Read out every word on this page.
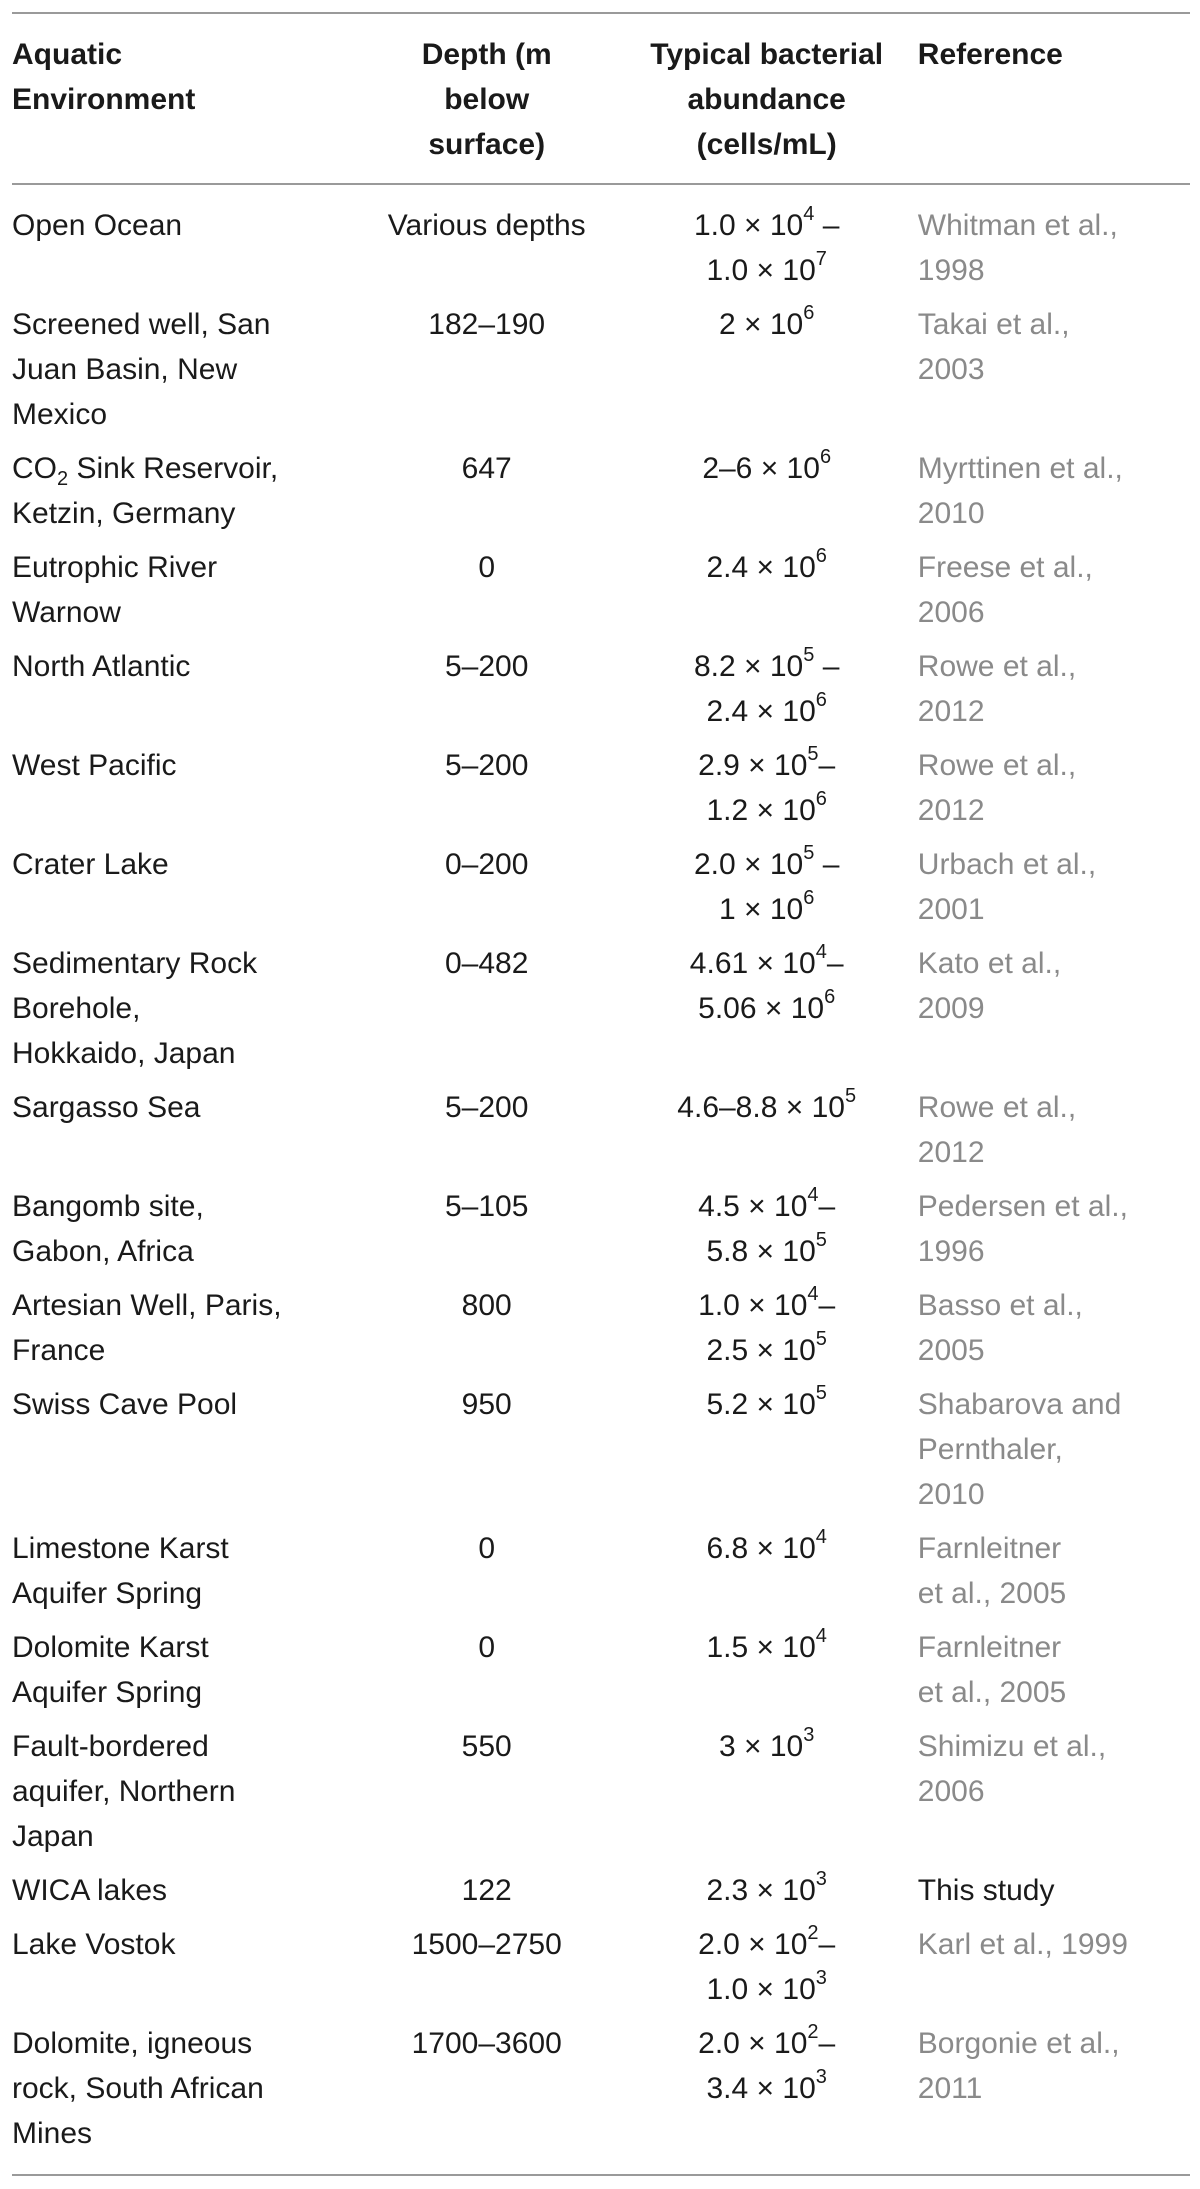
Aquatic
Environment	Depth (m
below
surface)	Typical bacterial
abundance
(cells/mL)	Reference

Open Ocean	Various depths	$1.0 \times 10^4$ –
$1.0 \times 10^7$	Whitman et al.,
1998

Screened well, San
Juan Basin, New
Mexico	182–190	$2 \times 10^6$	Takai et al.,
2003

$CO_2$ Sink Reservoir,
Ketzin, Germany	647	$2-6 \times 10^6$	Myrttinen et al.,
2010

Eutrophic River
Warnow	0	$2.4 \times 10^6$	Freese et al.,
2006

North Atlantic	5–200	$8.2 \times 10^5$ –
$2.4 \times 10^6$	Rowe et al.,
2012

West Pacific	5–200	$2.9 \times 10^5-$
$1.2 \times 10^6$	Rowe et al.,
2012

Crater Lake	0–200	$2.0 \times 10^5$ –
$1 \times 10^6$	Urbach et al.,
2001

Sedimentary Rock
Borehole,
Hokkaido, Japan	0–482	$4.61 \times 10^4-$
$5.06 \times 10^6$	Kato et al.,
2009

Sargasso Sea	5–200	$4.6-8.8 \times 10^5$	Rowe et al.,
2012

Bangomb site,
Gabon, Africa	5–105	$4.5 \times 10^4-$
$5.8 \times 10^5$	Pedersen et al.,
1996

Artesian Well, Paris,
France	800	$1.0 \times 10^4-$
$2.5 \times 10^5$	Basso et al.,
2005

Swiss Cave Pool	950	$5.2 \times 10^5$	Shabarova and
Pernthaler,
2010

Limestone Karst
Aquifer Spring	0	$6.8 \times 10^4$	Farnleitner
et al., 2005

Dolomite Karst
Aquifer Spring	0	$1.5 \times 10^4$	Farnleitner
et al., 2005

Fault-bordered
aquifer, Northern
Japan	550	$3 \times 10^3$	Shimizu et al.,
2006

WICA lakes	122	$2.3 \times 10^3$	This study

Lake Vostok	1500–2750	$2.0 \times 10^2-$
$1.0 \times 10^3$	Karl et al., 1999

Dolomite, igneous
rock, South African
Mines	1700–3600	$2.0 \times 10^2-$
$3.4 \times 10^3$	Borgonie et al.,
2011
